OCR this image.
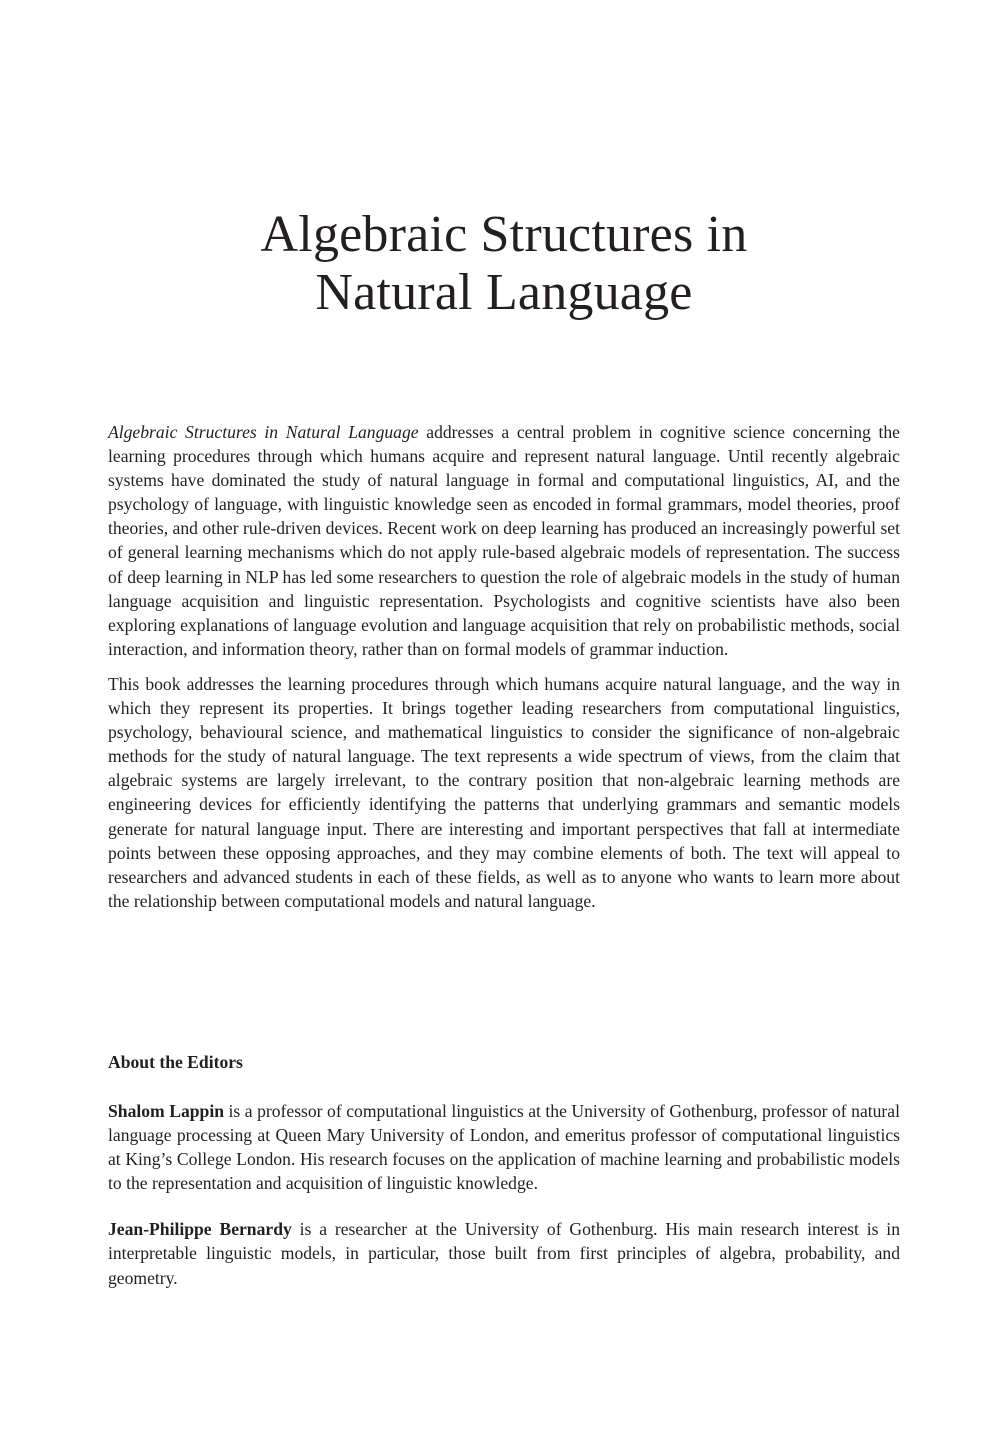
Algebraic Structures in
Natural Language

Algebraic Structures in Natural Language addresses a central problem in cognitive science concerning the learning procedures through which humans acquire and represent natural language. Until recently algebraic systems have dominated the study of natural language in formal and computational linguistics, AI, and the psychology of language, with linguistic knowledge seen as encoded in formal grammars, model theories, proof theories, and other rule-driven devices. Recent work on deep learning has produced an increasingly powerful set of general learning mechanisms which do not apply rule-based algebraic models of representation. The success of deep learning in NLP has led some researchers to question the role of algebraic models in the study of human language acquisition and linguistic representation. Psychologists and cognitive scientists have also been exploring explanations of language evolution and language acquisition that rely on probabilistic methods, social interaction, and information theory, rather than on formal models of grammar induction.

This book addresses the learning procedures through which humans acquire natural language, and the way in which they represent its properties. It brings together leading researchers from computational linguistics, psychology, behavioural science, and mathematical linguistics to consider the significance of non-algebraic methods for the study of natural language. The text represents a wide spectrum of views, from the claim that algebraic systems are largely irrelevant, to the contrary position that non-algebraic learning methods are engineering devices for efficiently identifying the patterns that underlying grammars and semantic models generate for natural language input. There are interesting and important perspectives that fall at intermediate points between these opposing approaches, and they may combine elements of both. The text will appeal to researchers and advanced students in each of these fields, as well as to anyone who wants to learn more about the relationship between computational models and natural language.

About the Editors

Shalom Lappin is a professor of computational linguistics at the University of Gothenburg, professor of natural language processing at Queen Mary University of London, and emeritus professor of computational linguistics at King’s College London. His research focuses on the application of machine learning and probabilistic models to the representation and acquisition of linguistic knowledge.

Jean-Philippe Bernardy is a researcher at the University of Gothenburg. His main research interest is in interpretable linguistic models, in particular, those built from first principles of algebra, probability, and geometry.
